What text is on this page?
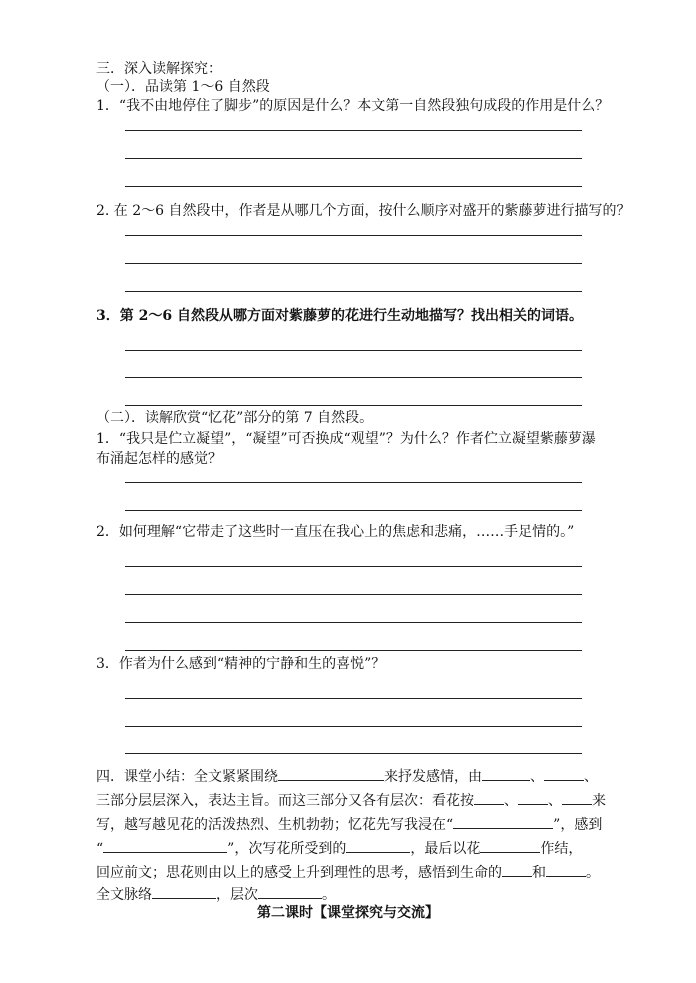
三．深入读解探究：
（一）．品读第 1～6 自然段
1．“我不由地停住了脚步”的原因是什么？本文第一自然段独句成段的作用是什么？
2. 在 2～6 自然段中，作者是从哪几个方面，按什么顺序对盛开的紫藤萝进行描写的？
3．第 2～6 自然段从哪方面对紫藤萝的花进行生动地描写？找出相关的词语。
（二）．读解欣赏“忆花”部分的第 7 自然段。
1．“我只是伫立凝望”，“凝望”可否换成“观望”？为什么？作者伫立凝望紫藤萝瀑
布涌起怎样的感觉？
2．如何理解“它带走了这些时一直压在我心上的焦虑和悲痛，……手足情的。”
3．作者为什么感到“精神的宁静和生的喜悦”？
四．课堂小结：全文紧紧围绕	来抒发感情，由	、	、
三部分层层深入，表达主旨。而这三部分又各有层次：看花按 、 、 来
写，越写越见花的活泼热烈、生机勃勃；忆花先写我浸在“	”，感到
“	”，次写花所受到的	，最后以花	作结，
回应前文；思花则由以上的感受上升到理性的思考，感悟到生命的 和	。
全文脉络	，层次	。
第二课时【课堂探究与交流】
